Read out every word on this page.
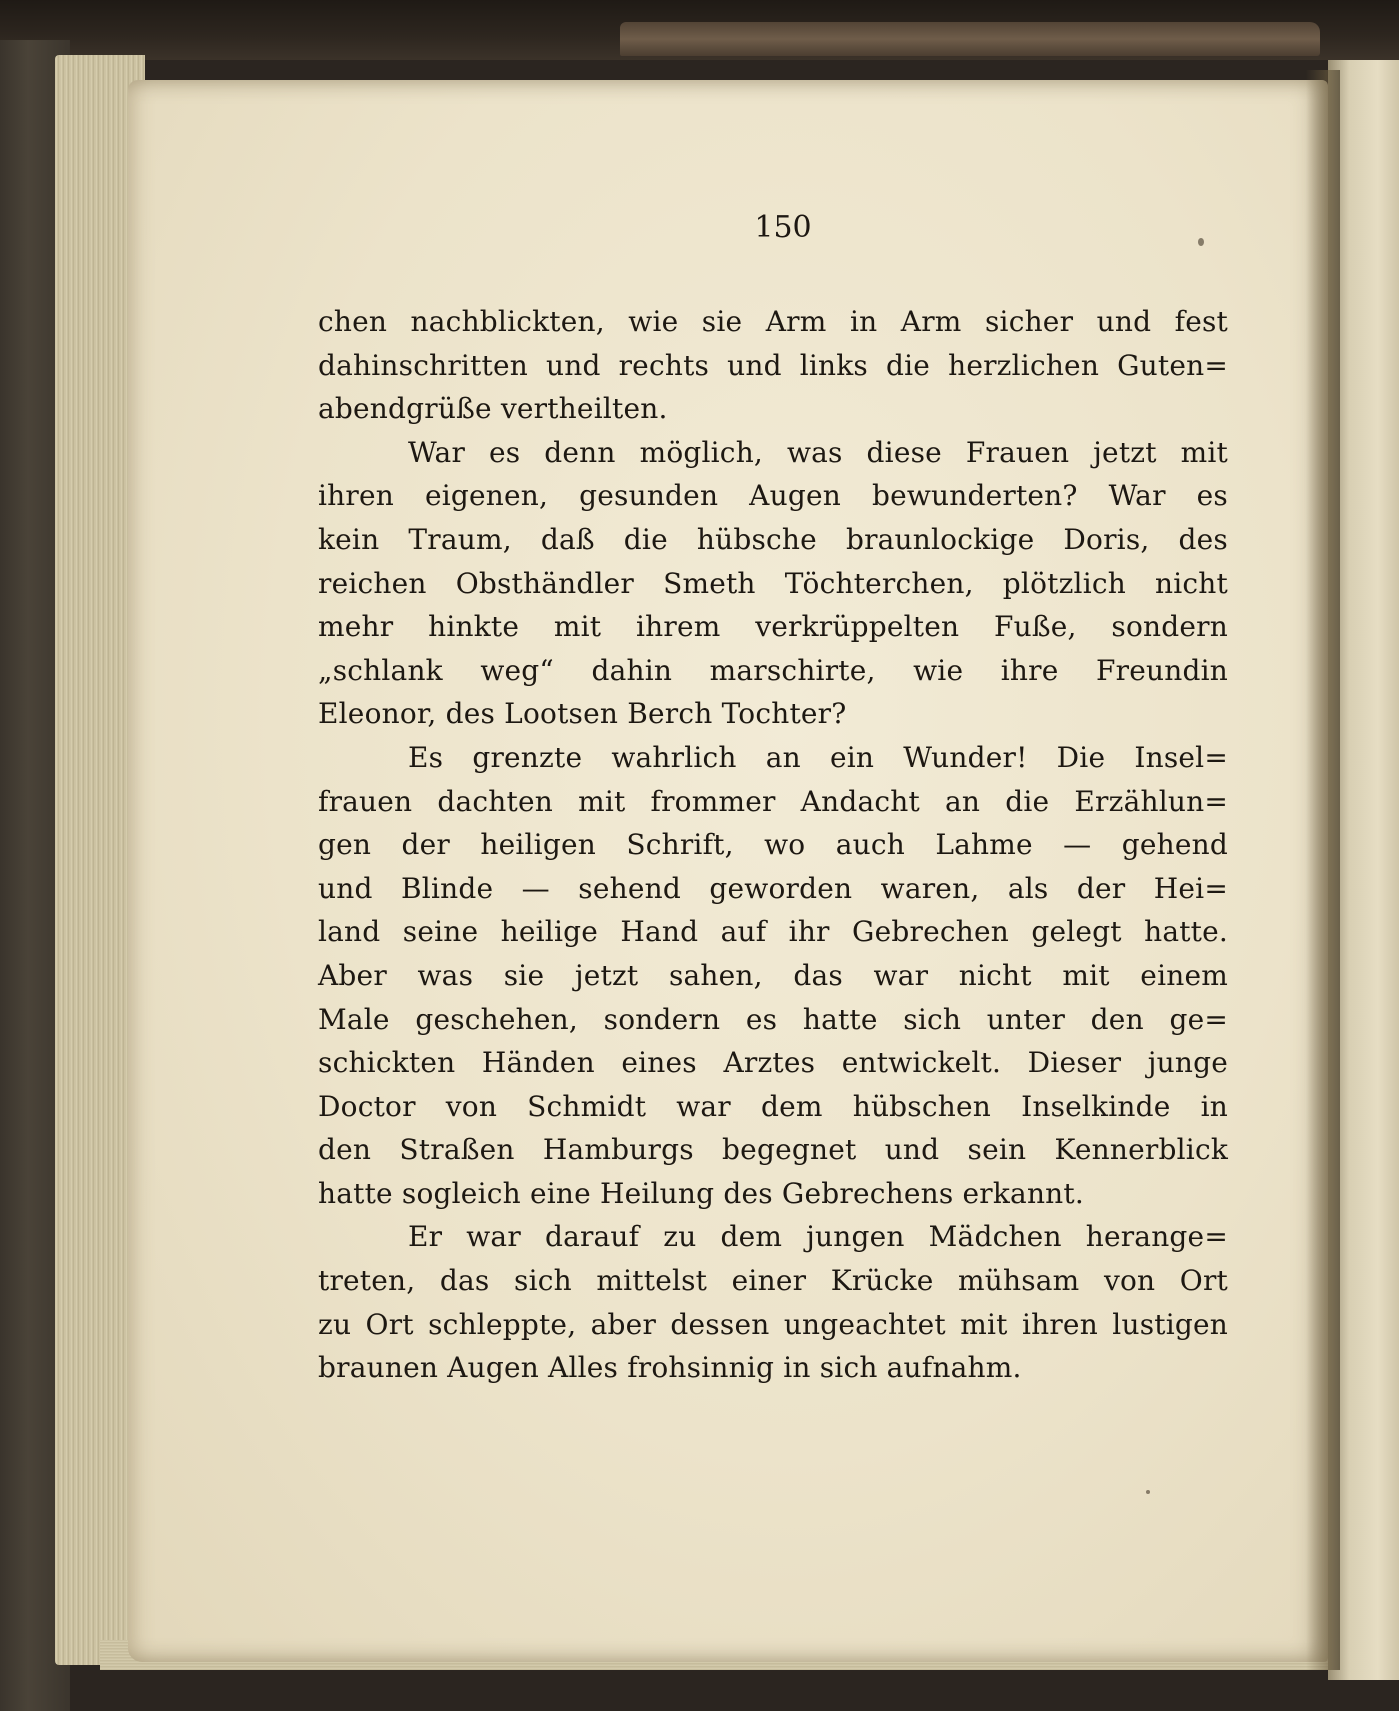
150
chen nachblickten, wie sie Arm in Arm sicher und fest
dahinschritten und rechts und links die herzlichen Guten=
abendgrüße vertheilten.
War es denn möglich, was diese Frauen jetzt mit
ihren eigenen, gesunden Augen bewunderten? War es
kein Traum, daß die hübsche braunlockige Doris, des
reichen Obsthändler Smeth Töchterchen, plötzlich nicht
mehr hinkte mit ihrem verkrüppelten Fuße, sondern
„schlank weg“ dahin marschirte, wie ihre Freundin
Eleonor, des Lootsen Berch Tochter?
Es grenzte wahrlich an ein Wunder! Die Insel=
frauen dachten mit frommer Andacht an die Erzählun=
gen der heiligen Schrift, wo auch Lahme — gehend
und Blinde — sehend geworden waren, als der Hei=
land seine heilige Hand auf ihr Gebrechen gelegt hatte.
Aber was sie jetzt sahen, das war nicht mit einem
Male geschehen, sondern es hatte sich unter den ge=
schickten Händen eines Arztes entwickelt. Dieser junge
Doctor von Schmidt war dem hübschen Inselkinde in
den Straßen Hamburgs begegnet und sein Kennerblick
hatte sogleich eine Heilung des Gebrechens erkannt.
Er war darauf zu dem jungen Mädchen herange=
treten, das sich mittelst einer Krücke mühsam von Ort
zu Ort schleppte, aber dessen ungeachtet mit ihren lustigen
braunen Augen Alles frohsinnig in sich aufnahm.
